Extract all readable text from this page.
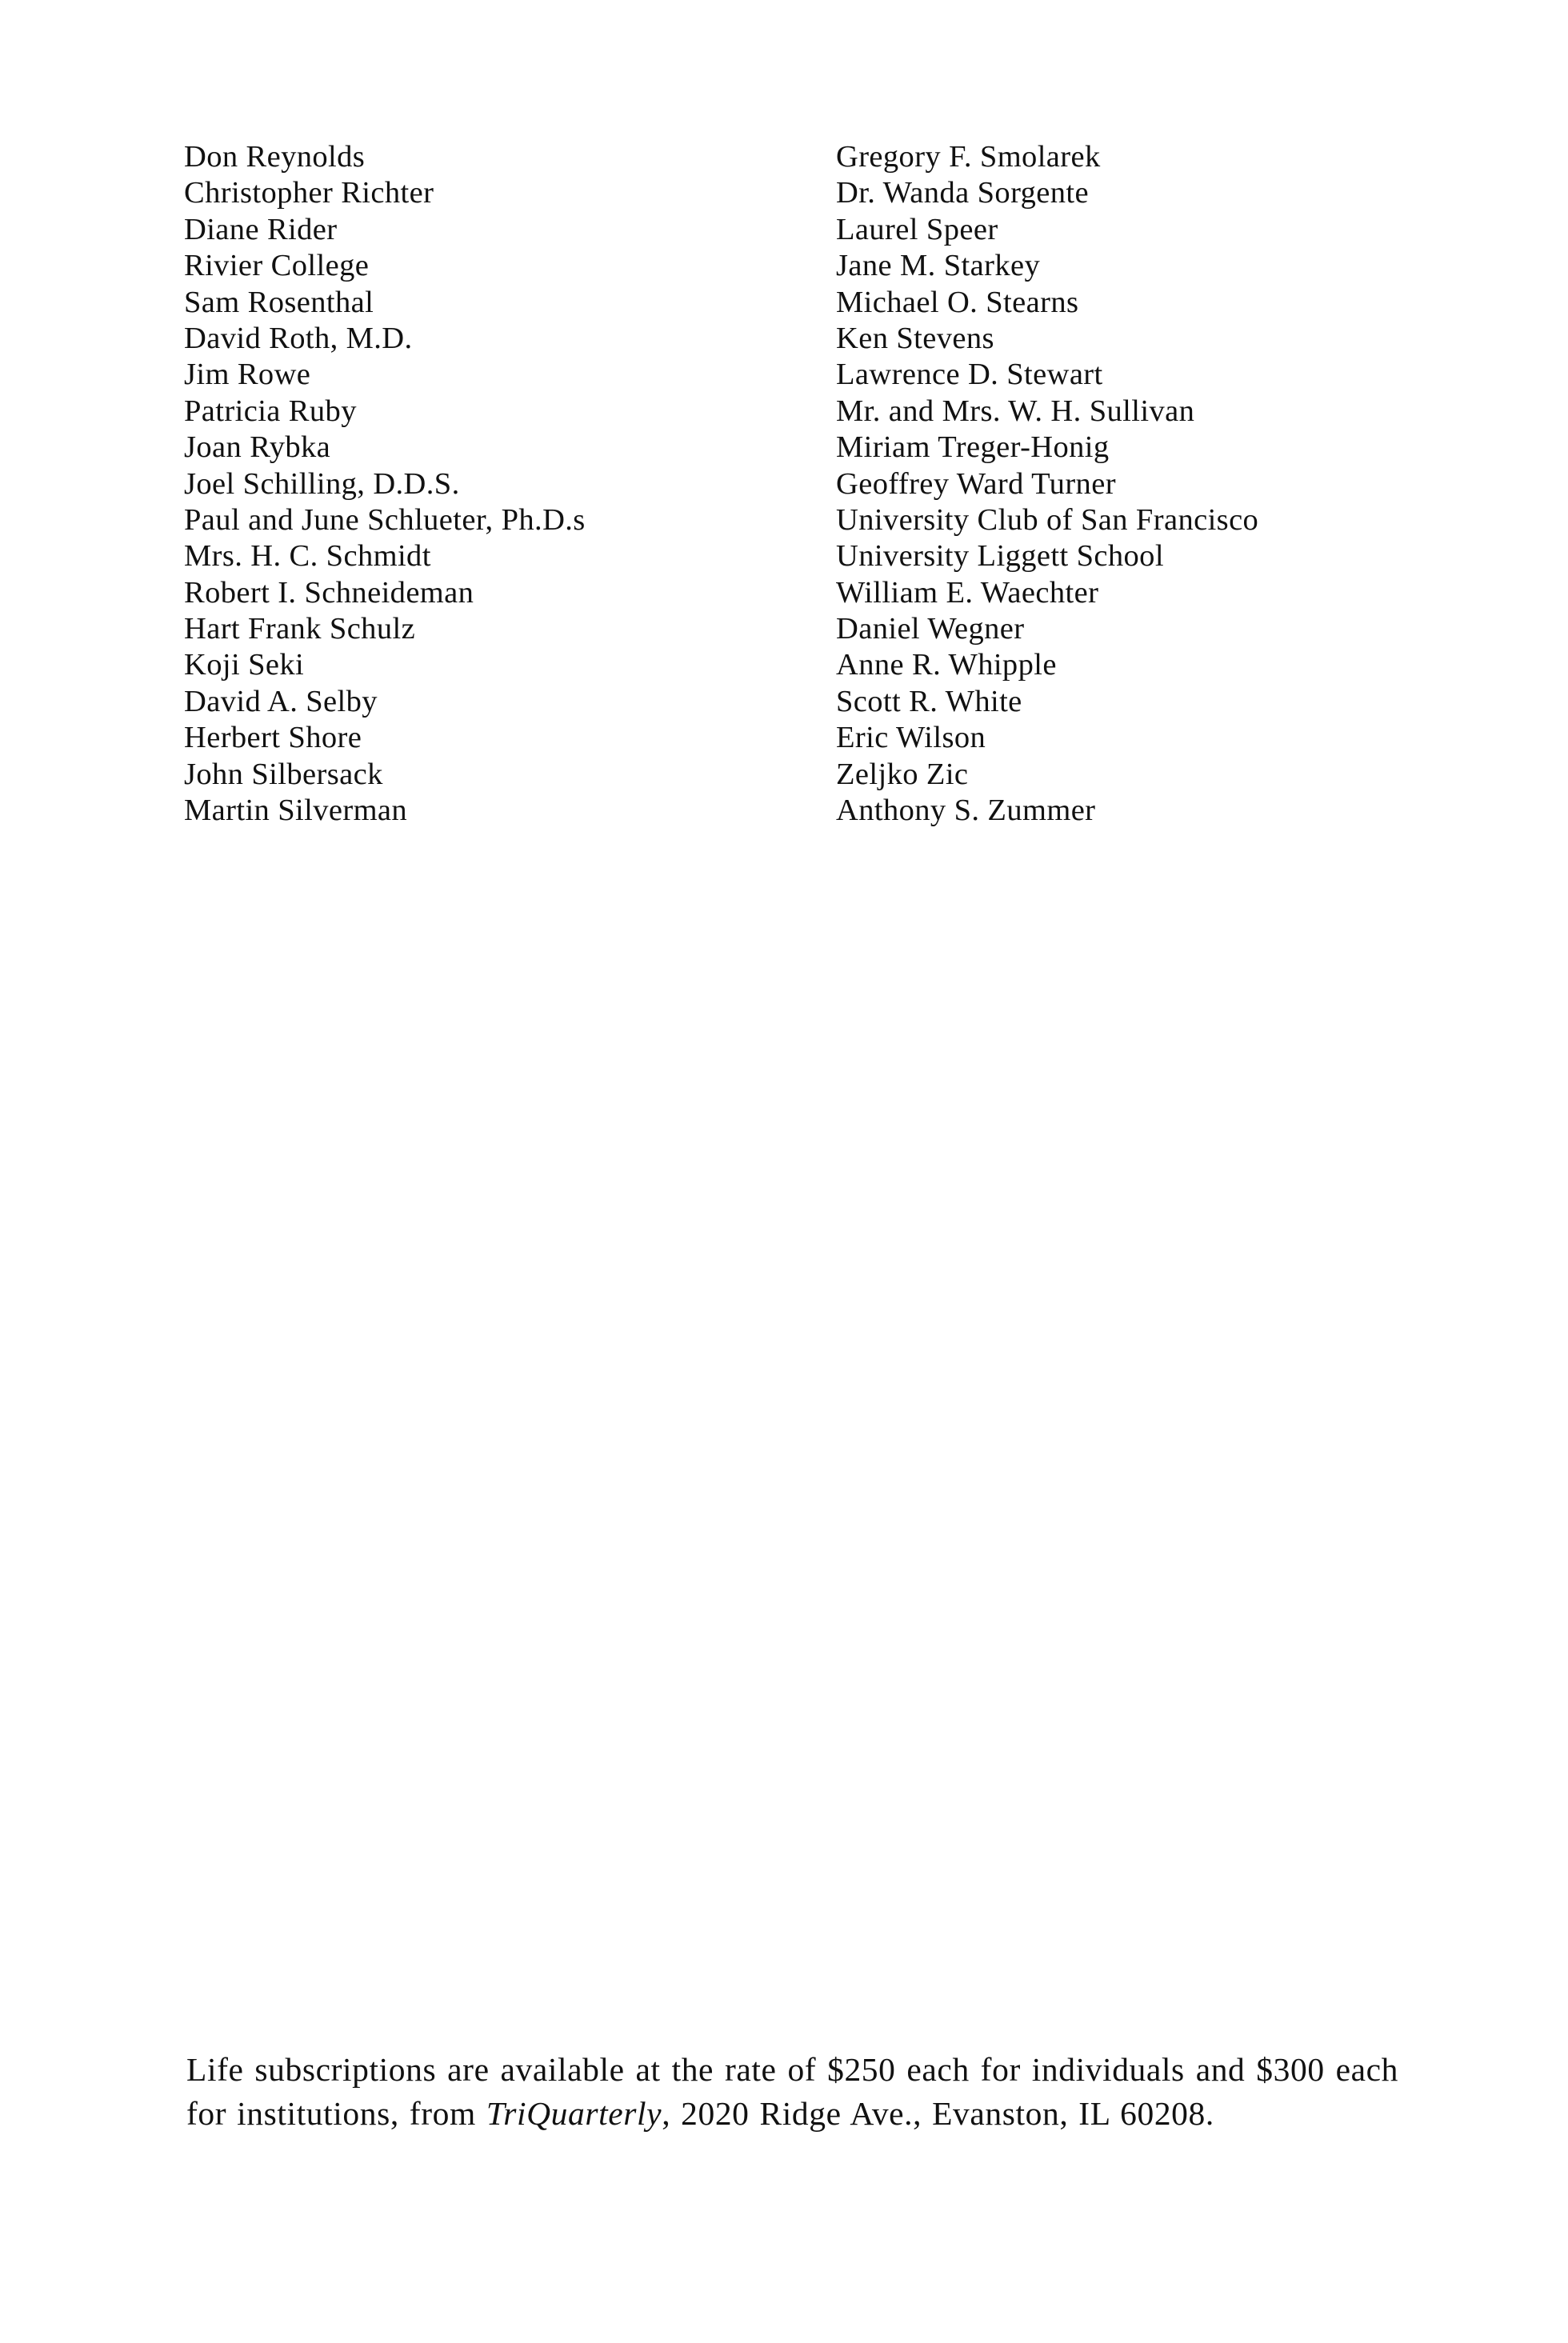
Don Reynolds
Christopher Richter
Diane Rider
Rivier College
Sam Rosenthal
David Roth, M.D.
Jim Rowe
Patricia Ruby
Joan Rybka
Joel Schilling, D.D.S.
Paul and June Schlueter, Ph.D.s
Mrs. H. C. Schmidt
Robert I. Schneideman
Hart Frank Schulz
Koji Seki
David A. Selby
Herbert Shore
John Silbersack
Martin Silverman
Gregory F. Smolarek
Dr. Wanda Sorgente
Laurel Speer
Jane M. Starkey
Michael O. Stearns
Ken Stevens
Lawrence D. Stewart
Mr. and Mrs. W. H. Sullivan
Miriam Treger-Honig
Geoffrey Ward Turner
University Club of San Francisco
University Liggett School
William E. Waechter
Daniel Wegner
Anne R. Whipple
Scott R. White
Eric Wilson
Zeljko Zic
Anthony S. Zummer

Life subscriptions are available at the rate of $250 each for individuals and $300 each for institutions, from TriQuarterly, 2020 Ridge Ave., Evanston, IL 60208.
